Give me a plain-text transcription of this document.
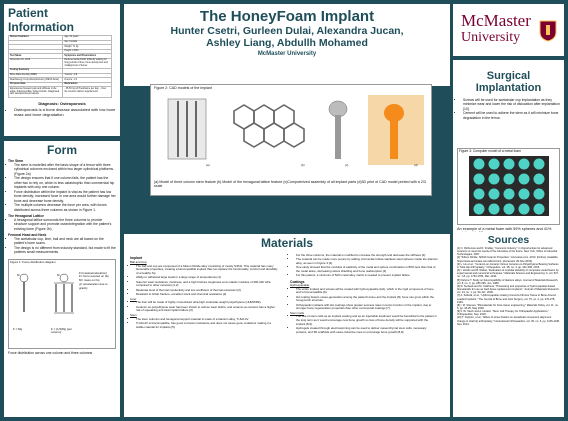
Patient Information
Divine Chambers	Age: 62 years
	Sex: Female
	Weight: 71 kg
	Height: 1.65m
Test Name	Symptoms and Observations
November 16, 2019	Reduced ankle ROM, difficulty walking for long periods of time, bone density loss and misalignment of bones
Testing Summary	
Bone Mass Density (BMD)	T-score: -2.8
Dual Energy X-ray Absorptiometry (DEXA Scan)	Z-score: -2.1
Previous Data	Medications
Experiences frequent pain and stiffness in the ankle. Fractured tibia, limited motion. Diagnosed with osteoporosis previously.	- 35-50 mg of Prednisone per day; - Over the counter calcium supplements
Diagnosis: Osteoporosis
• Osteoporosis is a bone disease associated with low bone mass and bone degradation
Form
The Stem
• The stem is modelled after the basic shape of a femur with three cylindrical columns enclosed within two larger cylindrical platforms. (Figure 2a)
• The design ensures that if one column fails, the patient has the other two to rely on, which is less catastrophic than commercial hip implants with only one column.
• Force distribution within the implant is vital as the patient has low bone density; increased force in one area would further damage her bone and decrease bone density.
• The multiple columns decrease the force per area, with forces distributed across three columns as shown in Figure 1.
The Hexagonal Lattice
• A hexagonal lattice surrounds the three columns to provide structure support and promote osseointegration with the patient's existing bone (Figure 2b).
Femoral Head and Neck
• The acetabular cup, liner, ball and neck are all based on the patient's bone scans.
• The design is no different from industry standard, but made to fit the patients small measurements.
Figure 1: Force distribution diagram
M	M	F=mass(acceleration)
F= force exerted on hip
M= mass on hip
g= acceleration due to gravity
F = Mg	F = (1/3)Mg (per column)
Force distribution across one column and three columns
The HoneyFoam Implant
Hunter Csetri, Gurleen Dulai, Alexandra Jucan,
Ashley Liang, Abdullh Mohamed
McMaster University
Figure 2: CAD models of the implant
(a)	(b)	(c)	(d)
(a) Model of three column stem feature (b) Model of the hexagonal lattice feature (c)Computerized assembly of all implant parts (d)3D print of CAD model printed with a 2/3 scale
Materials
Implant
Ball and Cup
• The ball and cup are composed of a Silicon Nitride alloy consisting of mostly Si3N4. This material has many favourable properties, creating a biocompatible implant that can replace the functionality, comfort and durability of a healthy hip
• Ability to withstand large loads in a large range of temperatures [1]
• Superior wear resistance, hardness, and a high fracture toughness at an elastic modulus of 300-320 GPa compared to other ceramics [1,2]
• Moderate level of thermal conductivity and low coefficient of thermal expansion [2]
• Resistant to brittle fracture, excellent stock and chemical resistance [2]
Liner
• The liner will be made of highly cross-linked ultra-high-molecular-weight polyethylene (UHMWPE).
• Ceramic-on-polyethylene wear has been shown to reduce wear debris, and ceramic-on-ceramic has a higher risk of squeaking and total implant failure [3].
Stem
• The stem columns and hexagonal support material is made of a titanium alloy, Ti-6Al-4V
• Ti-6Al-4V is biocompatible, has good corrosion resistance and does not cause gene mutations making it a stable material for implants [5].
• For the three columns, the material is modified to increase the strength and decrease the stiffness [4]:
• The material can be made more porous by adding microscale hollow stainless steel spheres inside the titanium alloy, as seen in Figure 3 [4].
• One study showed that the modulus of elasticity of the metal and sphere combination is 80% less than that of the metal alone, decreasing stress shielding and bone reabsorption [4]
• For this patient, a minimum of 52% metal alloy matrix is needed to prevent implant failure
Coatings
Hydroxyapatite
• The entire implant and screws will be coated with hydroxyapatite (HA), which is the rigid component of bone and is biocompatible [6].
• HA coating fosters osseo-generation among the patient's bone and the implant [6]; bone can grow within the honeycomb structure.
• Orthopaedic implants with HA coatings show greater success rates in terms function of the implant, due to stronger bone regeneration properties than other commercial coatings [7].
Stem Cells
• The use of stem cells as an implant coating and as an injectable treatment would be beneficial to the patient in the long term as it would encourage new bone growth so loss of bone density will be supported with the implant [8,9].
• Hydrogels created through electrospinning can be used to deliver mesenchymal stem cells, necessary proteins, and 3D scaffolds with osteo-inductive cues to encourage bone growth [8,9].
McMaster
University
Surgical
Implantation
• Screws will be used for acetabular cup implantation as they minimize wear and lower the risk of dislocation after implantation [10].
• Cement will be used to adhere the stem as it will minimize bone degradation in the femur.
Figure 3: Computer model of a metal foam
An example of a metal foam with 59% spheres and 41%
Sources
[1] O. Richerson and R. Findlay, "Ceramics Industry," in Opportunities for advanced ceramics to meet the needs of the industries of the future. New York, Office of Industrial Technologies, 2007.
[2] "Silicon Nitride, Si3N4 Ceramic Properties," Accuratus.com, 2013. [Online]. Available: https://www.accuratus.com/silicnit.html. [Accessed: 29-Nov-2019].
[3] L. Hu et al., "Ceramic-on-Ceramic Versus Ceramic-on-Polyethylene Bearing Surfaces in Total Hip Arthroplasty," Orthopedics, vol. 38, no. 4, pp. 331-338, 2015.
[4] I. Verelis and B. Rabiei, "Evaluation of modular elasticity of composite metal foams by experimental and numerical techniques," Materials Science and Engineering: A, vol. 527, no. 7-8, pp. 1764-1780, Mar. 2010.
[5] Kishore T. Study on biocompatibility of titanium alloys. Journal of Materials Research, vol. 8, no. 3, pp. 283-295, Jun. 1989.
[6] R. Surbeck and M. Yaskhova, "Processing and properties of hydroxyapatite-based biomaterials for use as hard tissue replacement implants," Journal of Materials Research, vol. 13, no. 1, pp. 94-117, 2009.
[7] A. Sobelik, et al., "Hydroxyapatite Coating Converts Fibrous Tissue to Bone Around Loaded Implants," The Journal of Bone and Joint Surgery, vol. 75, no. 2, pp. 270-278, 1993.
[8] I. M. Steeves, "Biomaterials for bone tissue engineering," Materials Today, vol. 11, no. 5, pp. 18-25, May 2008.
[9] F. W. Stech and A. Henkel, "Stem Cell Therapy for Orthopaedic Applications," Orthopaedics, Sep. 2018.
[10] T. Fujimiro, et al., "Effect of screw fixation on acetabular component alignment change in total hip arthroplasty," International Orthopaedics, vol. 36, no. 6, pp. 1135-1138, Nov. 2014.
